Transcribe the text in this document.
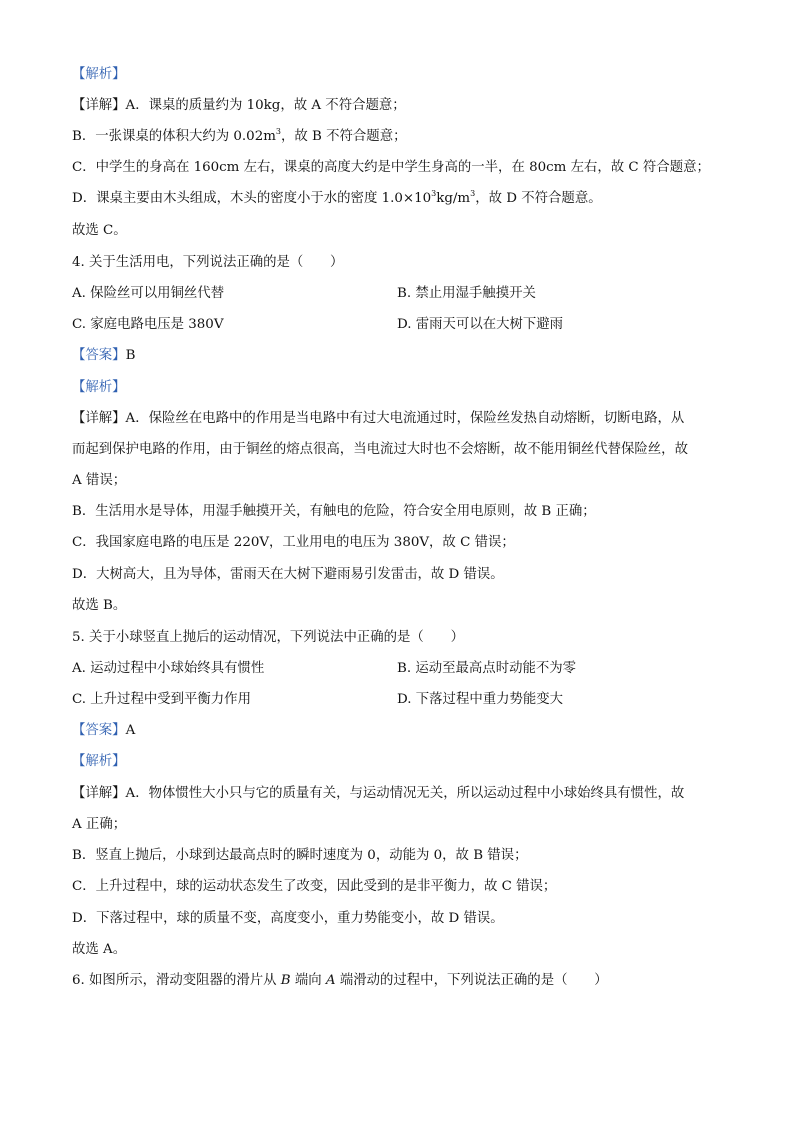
【解析】
【详解】A．课桌的质量约为 10kg，故 A 不符合题意；
B．一张课桌的体积大约为 $0.02m^3$，故 B 不符合题意；
C．中学生的身高在 160cm 左右，课桌的高度大约是中学生身高的一半，在 80cm 左右，故 C 符合题意；
D．课桌主要由木头组成，木头的密度小于水的密度 $1.0\times 10^3kg/m^3$，故 D 不符合题意。
故选 C。
4. 关于生活用电，下列说法正确的是（　　）
A. 保险丝可以用铜丝代替	B. 禁止用湿手触摸开关
C. 家庭电路电压是 380V	D. 雷雨天可以在大树下避雨
【答案】B
【解析】
【详解】A．保险丝在电路中的作用是当电路中有过大电流通过时，保险丝发热自动熔断，切断电路，从
而起到保护电路的作用，由于铜丝的熔点很高，当电流过大时也不会熔断，故不能用铜丝代替保险丝，故
A 错误；
B．生活用水是导体，用湿手触摸开关，有触电的危险，符合安全用电原则，故 B 正确；
C．我国家庭电路的电压是 220V，工业用电的电压为 380V，故 C 错误；
D．大树高大，且为导体，雷雨天在大树下避雨易引发雷击，故 D 错误。
故选 B。
5. 关于小球竖直上抛后的运动情况，下列说法中正确的是（　　）
A. 运动过程中小球始终具有惯性	B. 运动至最高点时动能不为零
C. 上升过程中受到平衡力作用	D. 下落过程中重力势能变大
【答案】A
【解析】
【详解】A．物体惯性大小只与它的质量有关，与运动情况无关，所以运动过程中小球始终具有惯性，故
A 正确；
B．竖直上抛后，小球到达最高点时的瞬时速度为 0，动能为 0，故 B 错误；
C．上升过程中，球的运动状态发生了改变，因此受到的是非平衡力，故 C 错误；
D．下落过程中，球的质量不变，高度变小，重力势能变小，故 D 错误。
故选 A。
6. 如图所示，滑动变阻器的滑片从 B 端向 A 端滑动的过程中，下列说法正确的是（　　）
